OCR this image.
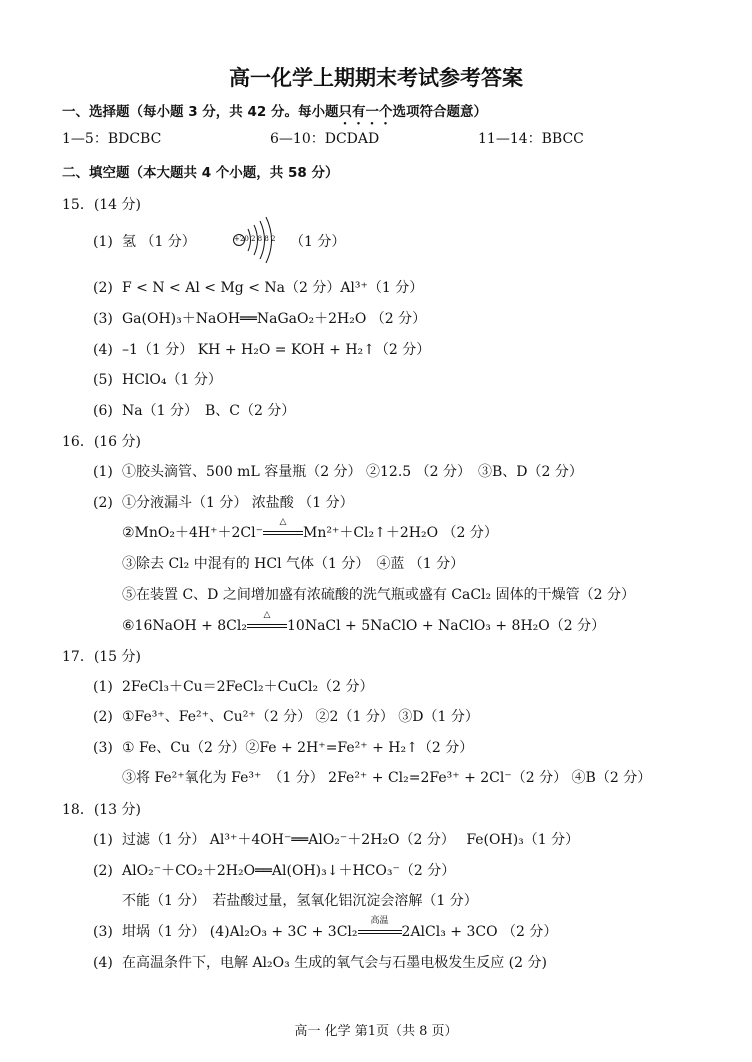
高一化学上期期末考试参考答案
一、选择题（每小题 3 分，共 42 分。每小题只有一个选项符合题意）
1—5：BDCBC	6—10：DCDAD	11—14：BBCC
二、填空题（本大题共 4 个小题，共 58 分）
15．(14 分)
(1) 氢 （1 分）	+20 2 8 8 2 （1 分）
(2) F < N < Al < Mg < Na（2 分）Al³⁺（1 分）
(3) Ga(OH)₃＋NaOH══NaGaO₂＋2H₂O （2 分）
(4) –1（1 分） KH + H₂O = KOH + H₂↑（2 分）
(5) HClO₄（1 分）
(6) Na（1 分）　B、C（2 分）
16．(16 分)
(1) ①胶头滴管、500 mL 容量瓶（2 分） ②12.5 （2 分）　③B、D（2 分）
(2) ①分液漏斗（1 分） 浓盐酸 （1 分）
②MnO₂＋4H⁺＋2Cl⁻
△
Mn²⁺＋Cl₂↑＋2H₂O （2 分）
③除去 Cl₂ 中混有的 HCl 气体（1 分）　④蓝 （1 分）
⑤在装置 C、D 之间增加盛有浓硫酸的洗气瓶或盛有 CaCl₂ 固体的干燥管（2 分）
⑥16NaOH + 8Cl₂
△
10NaCl + 5NaClO + NaClO₃ + 8H₂O（2 分）
17．(15 分)
(1) 2FeCl₃＋Cu＝2FeCl₂＋CuCl₂（2 分）
(2) ①Fe³⁺、Fe²⁺、Cu²⁺（2 分） ②2（1 分） ③D（1 分）
(3) ① Fe、Cu（2 分）②Fe + 2H⁺=Fe²⁺ + H₂↑（2 分）
③将 Fe²⁺氧化为 Fe³⁺　（1 分） 2Fe²⁺ + Cl₂=2Fe³⁺ + 2Cl⁻（2 分） ④B（2 分）
18．(13 分)
(1) 过滤（1 分） Al³⁺＋4OH⁻══AlO₂⁻＋2H₂O（2 分）　 Fe(OH)₃（1 分）
(2) AlO₂⁻＋CO₂＋2H₂O══Al(OH)₃↓＋HCO₃⁻（2 分）
不能（1 分）　若盐酸过量，氢氧化铝沉淀会溶解（1 分）
(3) 坩埚（1 分） (4)Al₂O₃ + 3C + 3Cl₂
高温
2AlCl₃ + 3CO （2 分）
(4) 在高温条件下，电解 Al₂O₃ 生成的氧气会与石墨电极发生反应 (2 分)
高一 化学 第1页（共 8 页）
